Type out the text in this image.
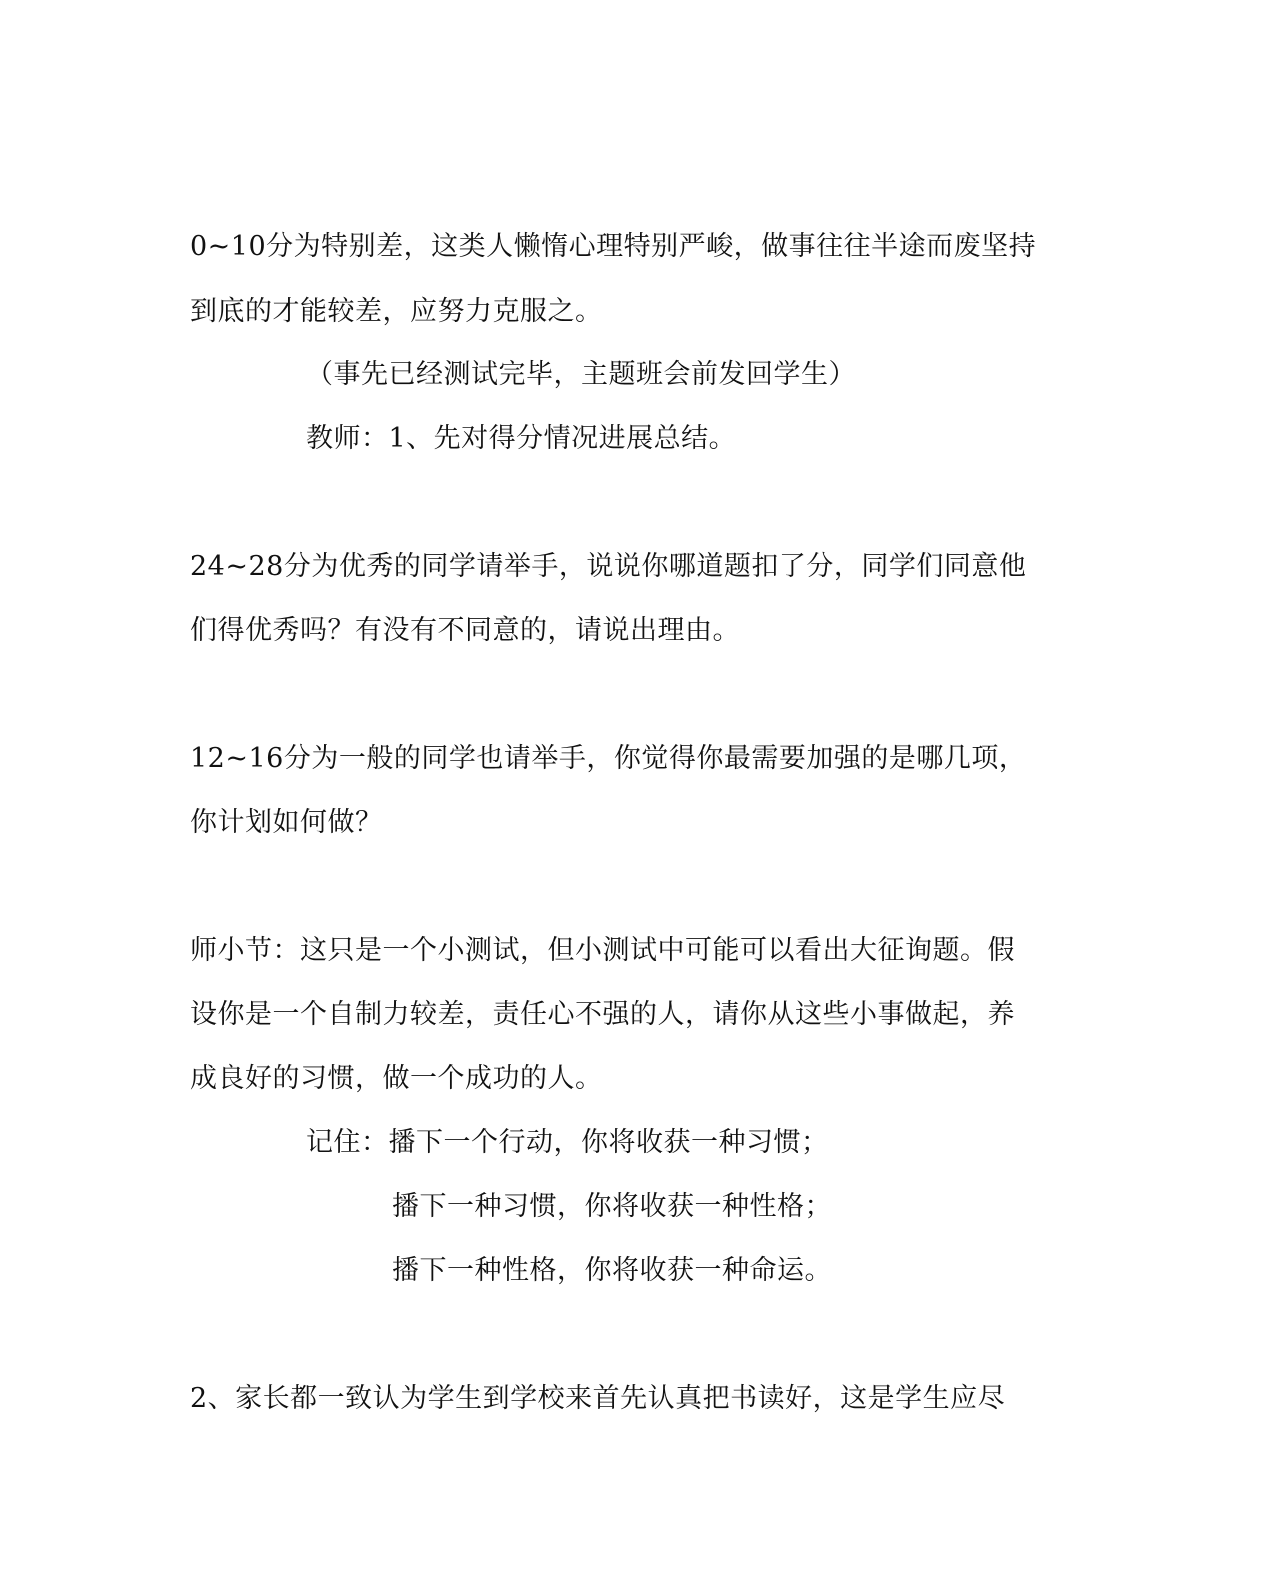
0~10分为特别差，这类人懒惰心理特别严峻，做事往往半途而废坚持
到底的才能较差，应努力克服之。
（事先已经测试完毕，主题班会前发回学生）
教师：1、先对得分情况进展总结。
24~28分为优秀的同学请举手，说说你哪道题扣了分，同学们同意他
们得优秀吗？有没有不同意的，请说出理由。
12~16分为一般的同学也请举手，你觉得你最需要加强的是哪几项，
你计划如何做？
师小节：这只是一个小测试，但小测试中可能可以看出大征询题。假
设你是一个自制力较差，责任心不强的人，请你从这些小事做起，养
成良好的习惯，做一个成功的人。
记住：播下一个行动，你将收获一种习惯；
播下一种习惯，你将收获一种性格；
播下一种性格，你将收获一种命运。
2、家长都一致认为学生到学校来首先认真把书读好，这是学生应尽
